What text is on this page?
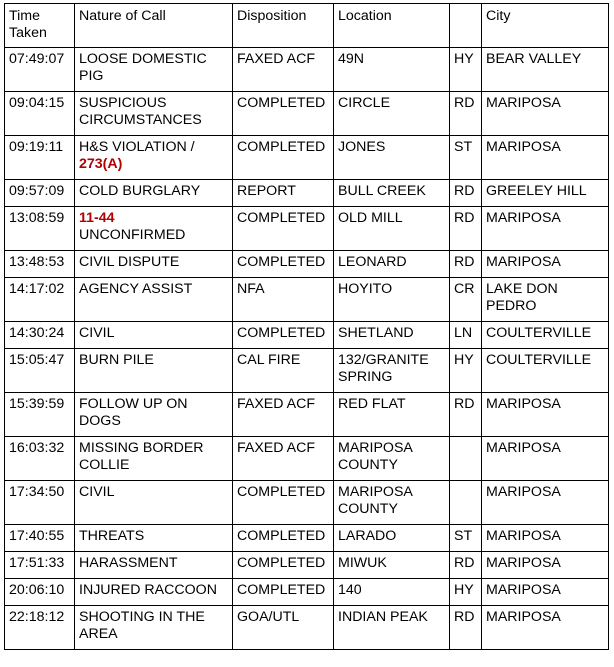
Time
Taken	Nature of Call	Disposition	Location		City
07:49:07	LOOSE DOMESTIC PIG	FAXED ACF	49N	HY	BEAR VALLEY
09:04:15	SUSPICIOUS CIRCUMSTANCES	COMPLETED	CIRCLE	RD	MARIPOSA
09:19:11	H&S VIOLATION /
273(A)	COMPLETED	JONES	ST	MARIPOSA
09:57:09	COLD BURGLARY	REPORT	BULL CREEK	RD	GREELEY HILL
13:08:59	11-44
UNCONFIRMED	COMPLETED	OLD MILL	RD	MARIPOSA
13:48:53	CIVIL DISPUTE	COMPLETED	LEONARD	RD	MARIPOSA
14:17:02	AGENCY ASSIST	NFA	HOYITO	CR	LAKE DON PEDRO
14:30:24	CIVIL	COMPLETED	SHETLAND	LN	COULTERVILLE
15:05:47	BURN PILE	CAL FIRE	132/GRANITE SPRING	HY	COULTERVILLE
15:39:59	FOLLOW UP ON DOGS	FAXED ACF	RED FLAT	RD	MARIPOSA
16:03:32	MISSING BORDER COLLIE	FAXED ACF	MARIPOSA COUNTY		MARIPOSA
17:34:50	CIVIL	COMPLETED	MARIPOSA COUNTY		MARIPOSA
17:40:55	THREATS	COMPLETED	LARADO	ST	MARIPOSA
17:51:33	HARASSMENT	COMPLETED	MIWUK	RD	MARIPOSA
20:06:10	INJURED RACCOON	COMPLETED	140	HY	MARIPOSA
22:18:12	SHOOTING IN THE AREA	GOA/UTL	INDIAN PEAK	RD	MARIPOSA
